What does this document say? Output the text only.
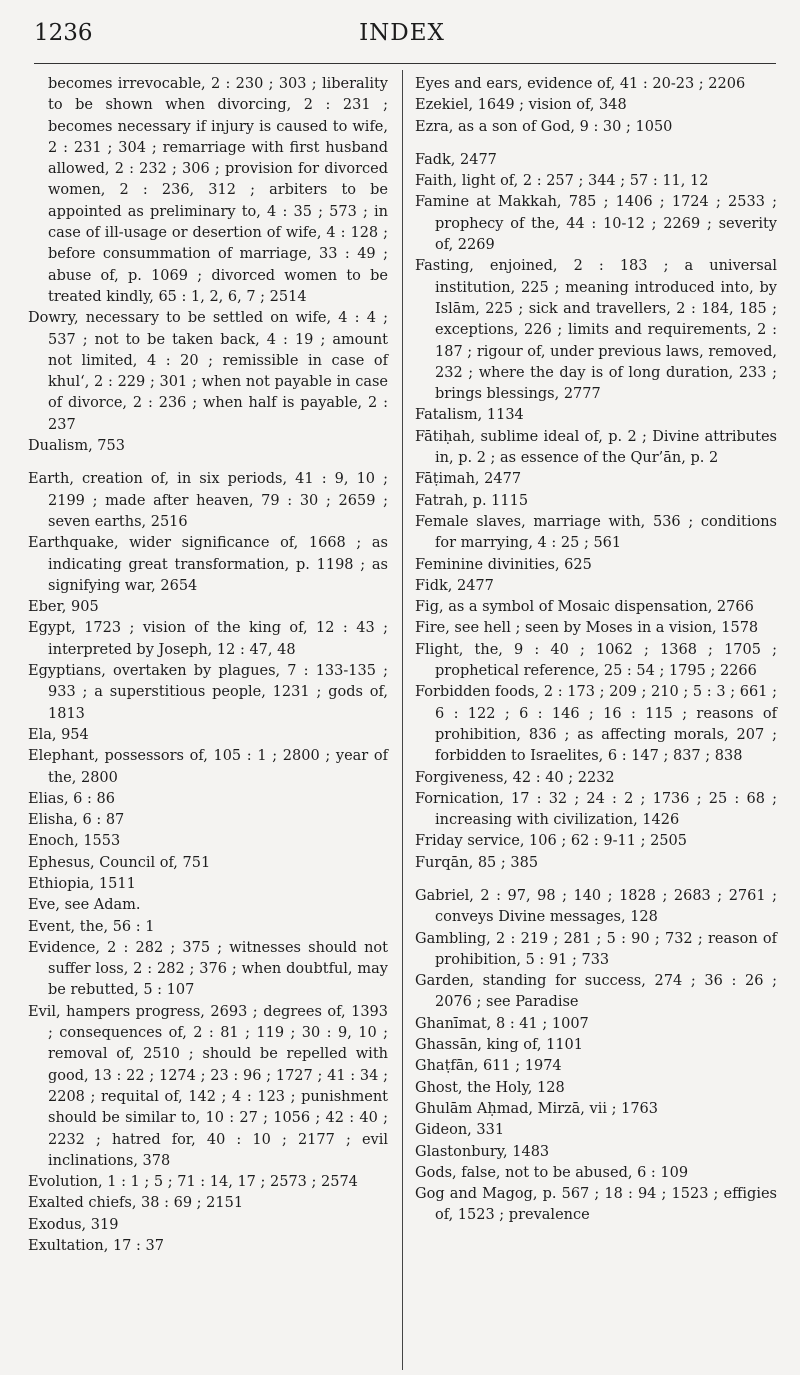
1236	INDEX

becomes irrevocable, 2 : 230 ; 303 ; liberality to be shown when divorcing, 2 : 231 ; becomes necessary if injury is caused to wife, 2 : 231 ; 304 ; remarriage with first husband allowed, 2 : 232 ; 306 ; provision for divorced women, 2 : 236, 312 ; arbiters to be appointed as preliminary to, 4 : 35 ; 573 ; in case of ill-usage or desertion of wife, 4 : 128 ; before consummation of marriage, 33 : 49 ; abuse of, p. 1069 ; divorced women to be treated kindly, 65 : 1, 2, 6, 7 ; 2514

Dowry, necessary to be settled on wife, 4 : 4 ; 537 ; not to be taken back, 4 : 19 ; amount not limited, 4 : 20 ; remissible in case of khul‘, 2 : 229 ; 301 ; when not payable in case of divorce, 2 : 236 ; when half is payable, 2 : 237

Dualism, 753

Earth, creation of, in six periods, 41 : 9, 10 ; 2199 ; made after heaven, 79 : 30 ; 2659 ; seven earths, 2516

Earthquake, wider significance of, 1668 ; as indicating great transformation, p. 1198 ; as signifying war, 2654

Eber, 905

Egypt, 1723 ; vision of the king of, 12 : 43 ; interpreted by Joseph, 12 : 47, 48

Egyptians, overtaken by plagues, 7 : 133-135 ; 933 ; a superstitious people, 1231 ; gods of, 1813

Ela, 954

Elephant, possessors of, 105 : 1 ; 2800 ; year of the, 2800

Elias, 6 : 86

Elisha, 6 : 87

Enoch, 1553

Ephesus, Council of, 751

Ethiopia, 1511

Eve, see Adam.

Event, the, 56 : 1

Evidence, 2 : 282 ; 375 ; witnesses should not suffer loss, 2 : 282 ; 376 ; when doubtful, may be rebutted, 5 : 107

Evil, hampers progress, 2693 ; degrees of, 1393 ; consequences of, 2 : 81 ; 119 ; 30 : 9, 10 ; removal of, 2510 ; should be repelled with good, 13 : 22 ; 1274 ; 23 : 96 ; 1727 ; 41 : 34 ; 2208 ; requital of, 142 ; 4 : 123 ; punishment should be similar to, 10 : 27 ; 1056 ; 42 : 40 ; 2232 ; hatred for, 40 : 10 ; 2177 ; evil inclinations, 378

Evolution, 1 : 1 ; 5 ; 71 : 14, 17 ; 2573 ; 2574

Exalted chiefs, 38 : 69 ; 2151

Exodus, 319

Exultation, 17 : 37

Eyes and ears, evidence of, 41 : 20-23 ; 2206

Ezekiel, 1649 ; vision of, 348

Ezra, as a son of God, 9 : 30 ; 1050

Fadk, 2477

Faith, light of, 2 : 257 ; 344 ; 57 : 11, 12

Famine at Makkah, 785 ; 1406 ; 1724 ; 2533 ; prophecy of the, 44 : 10-12 ; 2269 ; severity of, 2269

Fasting, enjoined, 2 : 183 ; a universal institution, 225 ; meaning introduced into, by Islām, 225 ; sick and travellers, 2 : 184, 185 ; exceptions, 226 ; limits and requirements, 2 : 187 ; rigour of, under previous laws, removed, 232 ; where the day is of long duration, 233 ; brings blessings, 2777

Fatalism, 1134

Fātiḥah, sublime ideal of, p. 2 ; Divine attributes in, p. 2 ; as essence of the Qur’ān, p. 2

Fāṭimah, 2477

Fatrah, p. 1115

Female slaves, marriage with, 536 ; conditions for marrying, 4 : 25 ; 561

Feminine divinities, 625

Fidk, 2477

Fig, as a symbol of Mosaic dispensation, 2766

Fire, see hell ; seen by Moses in a vision, 1578

Flight, the, 9 : 40 ; 1062 ; 1368 ; 1705 ; prophetical reference, 25 : 54 ; 1795 ; 2266

Forbidden foods, 2 : 173 ; 209 ; 210 ; 5 : 3 ; 661 ; 6 : 122 ; 6 : 146 ; 16 : 115 ; reasons of prohibition, 836 ; as affecting morals, 207 ; forbidden to Israelites, 6 : 147 ; 837 ; 838

Forgiveness, 42 : 40 ; 2232

Fornication, 17 : 32 ; 24 : 2 ; 1736 ; 25 : 68 ; increasing with civilization, 1426

Friday service, 106 ; 62 : 9-11 ; 2505

Furqān, 85 ; 385

Gabriel, 2 : 97, 98 ; 140 ; 1828 ; 2683 ; 2761 ; conveys Divine messages, 128

Gambling, 2 : 219 ; 281 ; 5 : 90 ; 732 ; reason of prohibition, 5 : 91 ; 733

Garden, standing for success, 274 ; 36 : 26 ; 2076 ; see Paradise

Ghanīmat, 8 : 41 ; 1007

Ghassān, king of, 1101

Ghaṭfān, 611 ; 1974

Ghost, the Holy, 128

Ghulām Aḥmad, Mirzā, vii ; 1763

Gideon, 331

Glastonbury, 1483

Gods, false, not to be abused, 6 : 109

Gog and Magog, p. 567 ; 18 : 94 ; 1523 ; effigies of, 1523 ; prevalence
